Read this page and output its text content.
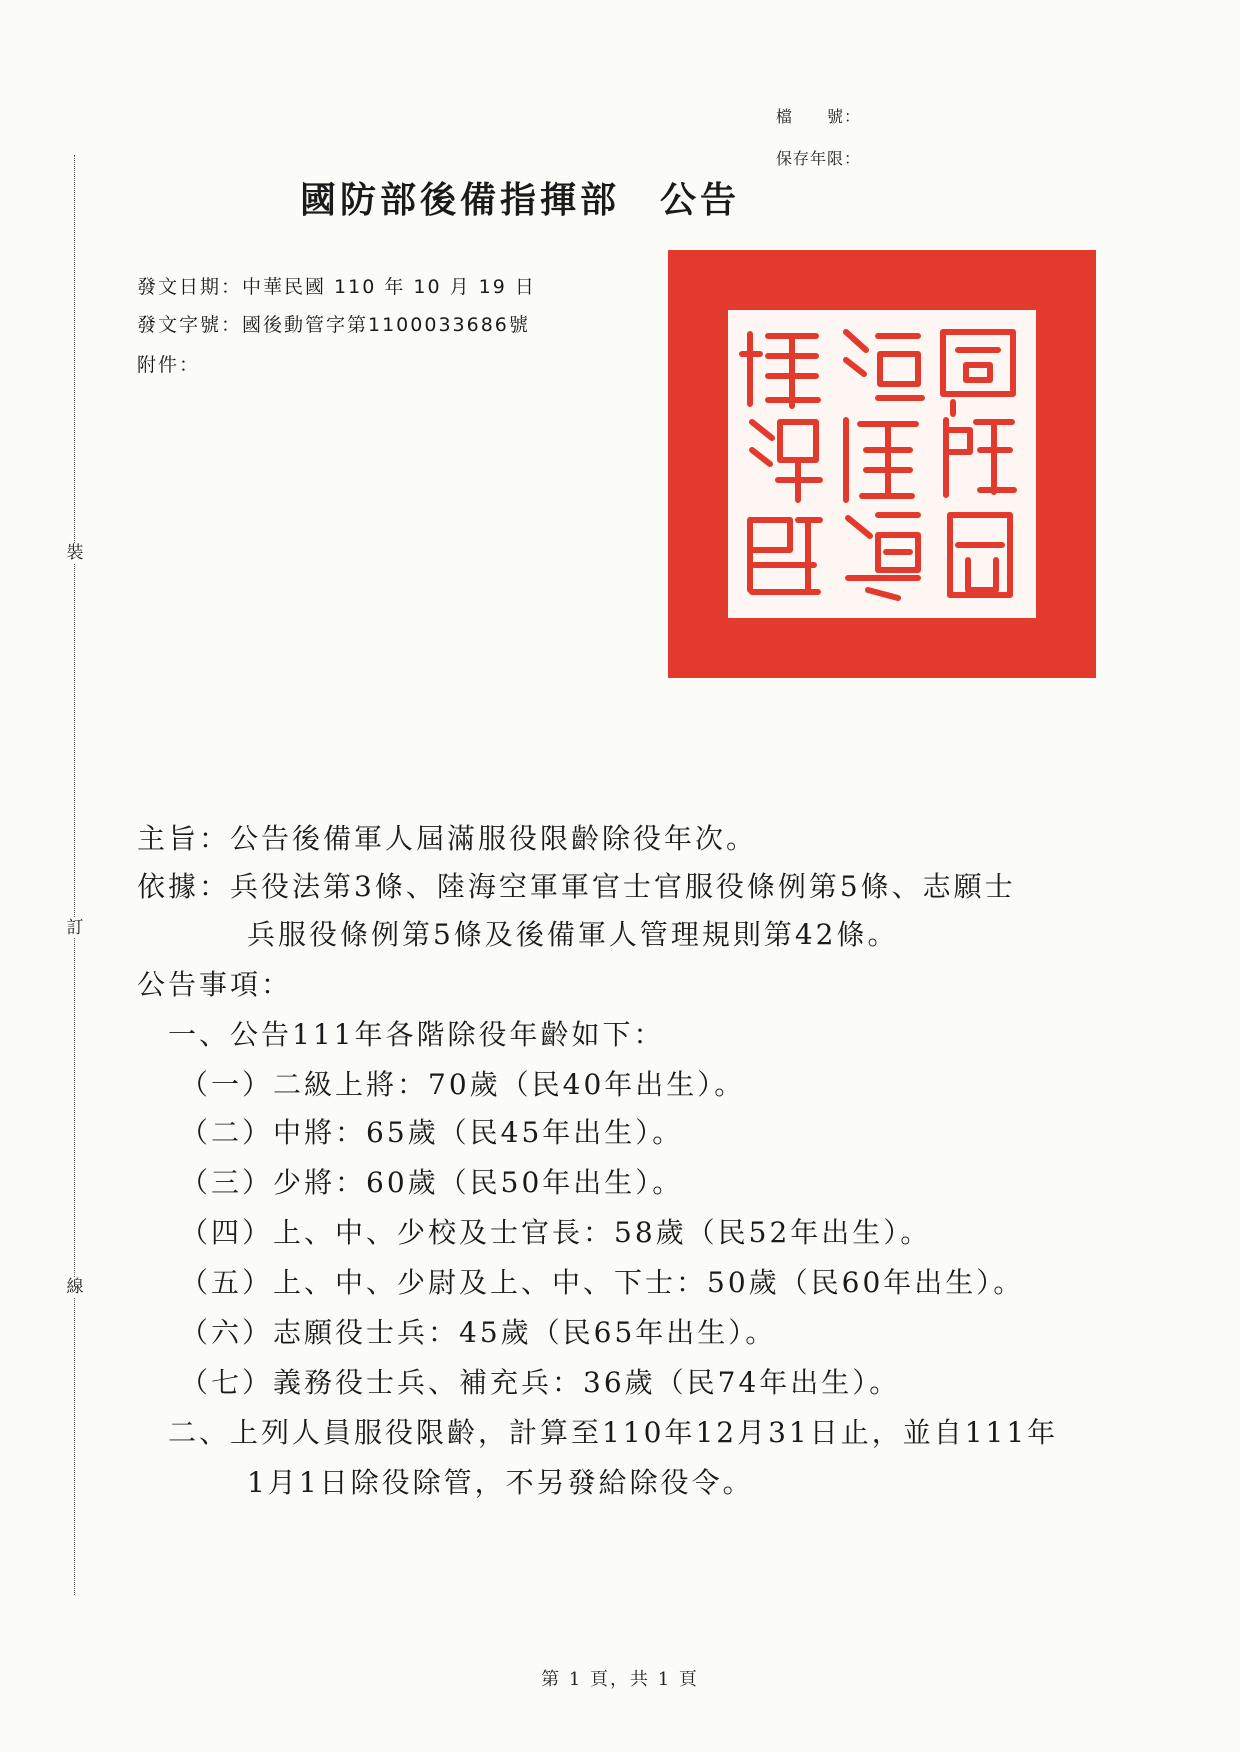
裝
訂
線
檔　　號：
保存年限：
國防部後備指揮部 公告
發文日期：中華民國 110 年 10 月 19 日
發文字號：國後動管字第1100033686號
附件：
主旨：公告後備軍人屆滿服役限齡除役年次。
依據：兵役法第3條、陸海空軍軍官士官服役條例第5條、志願士
兵服役條例第5條及後備軍人管理規則第42條。
公告事項：
一、公告111年各階除役年齡如下：
（一）二級上將：70歲（民40年出生）。
（二）中將：65歲（民45年出生）。
（三）少將：60歲（民50年出生）。
（四）上、中、少校及士官長：58歲（民52年出生）。
（五）上、中、少尉及上、中、下士：50歲（民60年出生）。
（六）志願役士兵：45歲（民65年出生）。
（七）義務役士兵、補充兵：36歲（民74年出生）。
二、上列人員服役限齡，計算至110年12月31日止，並自111年
1月1日除役除管，不另發給除役令。
第 1 頁，共 1 頁
